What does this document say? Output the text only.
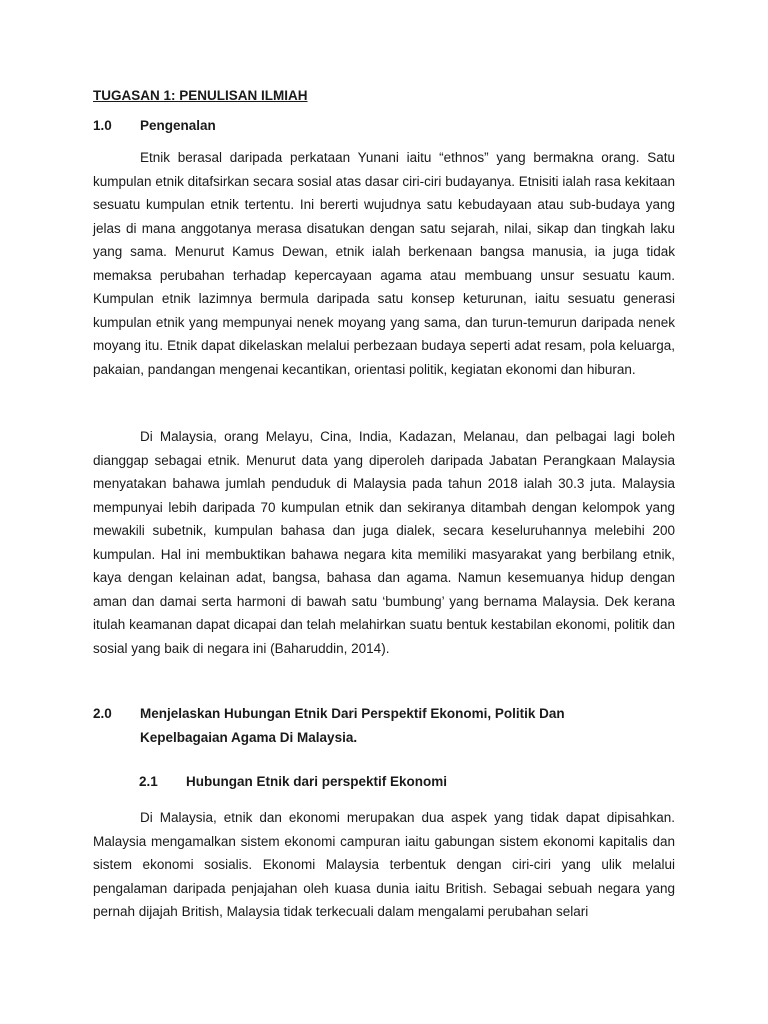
TUGASAN 1: PENULISAN ILMIAH
1.0	Pengenalan

Etnik berasal daripada perkataan Yunani iaitu “ethnos” yang bermakna orang. Satu kumpulan etnik ditafsirkan secara sosial atas dasar ciri-ciri budayanya. Etnisiti ialah rasa kekitaan sesuatu kumpulan etnik tertentu. Ini bererti wujudnya satu kebudayaan atau sub-budaya yang jelas di mana anggotanya merasa disatukan dengan satu sejarah, nilai, sikap dan tingkah laku yang sama. Menurut Kamus Dewan, etnik ialah berkenaan bangsa manusia, ia juga tidak memaksa perubahan terhadap kepercayaan agama atau membuang unsur sesuatu kaum. Kumpulan etnik lazimnya bermula daripada satu konsep keturunan, iaitu sesuatu generasi kumpulan etnik yang mempunyai nenek moyang yang sama, dan turun-temurun daripada nenek moyang itu. Etnik dapat dikelaskan melalui perbezaan budaya seperti adat resam, pola keluarga, pakaian, pandangan mengenai kecantikan, orientasi politik, kegiatan ekonomi dan hiburan.

Di Malaysia, orang Melayu, Cina, India, Kadazan, Melanau, dan pelbagai lagi boleh dianggap sebagai etnik. Menurut data yang diperoleh daripada Jabatan Perangkaan Malaysia menyatakan bahawa jumlah penduduk di Malaysia pada tahun 2018 ialah 30.3 juta. Malaysia mempunyai lebih daripada 70 kumpulan etnik dan sekiranya ditambah dengan kelompok yang mewakili subetnik, kumpulan bahasa dan juga dialek, secara keseluruhannya melebihi 200 kumpulan. Hal ini membuktikan bahawa negara kita memiliki masyarakat yang berbilang etnik, kaya dengan kelainan adat, bangsa, bahasa dan agama. Namun kesemuanya hidup dengan aman dan damai serta harmoni di bawah satu ‘bumbung’ yang bernama Malaysia. Dek kerana itulah keamanan dapat dicapai dan telah melahirkan suatu bentuk kestabilan ekonomi, politik dan sosial yang baik di negara ini (Baharuddin, 2014).

2.0	Menjelaskan Hubungan Etnik Dari Perspektif Ekonomi, Politik Dan
Kepelbagaian Agama Di Malaysia.
2.1	Hubungan Etnik dari perspektif Ekonomi

Di Malaysia, etnik dan ekonomi merupakan dua aspek yang tidak dapat dipisahkan. Malaysia mengamalkan sistem ekonomi campuran iaitu gabungan sistem ekonomi kapitalis dan sistem ekonomi sosialis. Ekonomi Malaysia terbentuk dengan ciri-ciri yang ulik melalui pengalaman daripada penjajahan oleh kuasa dunia iaitu British. Sebagai sebuah negara yang pernah dijajah British, Malaysia tidak terkecuali dalam mengalami perubahan selari
